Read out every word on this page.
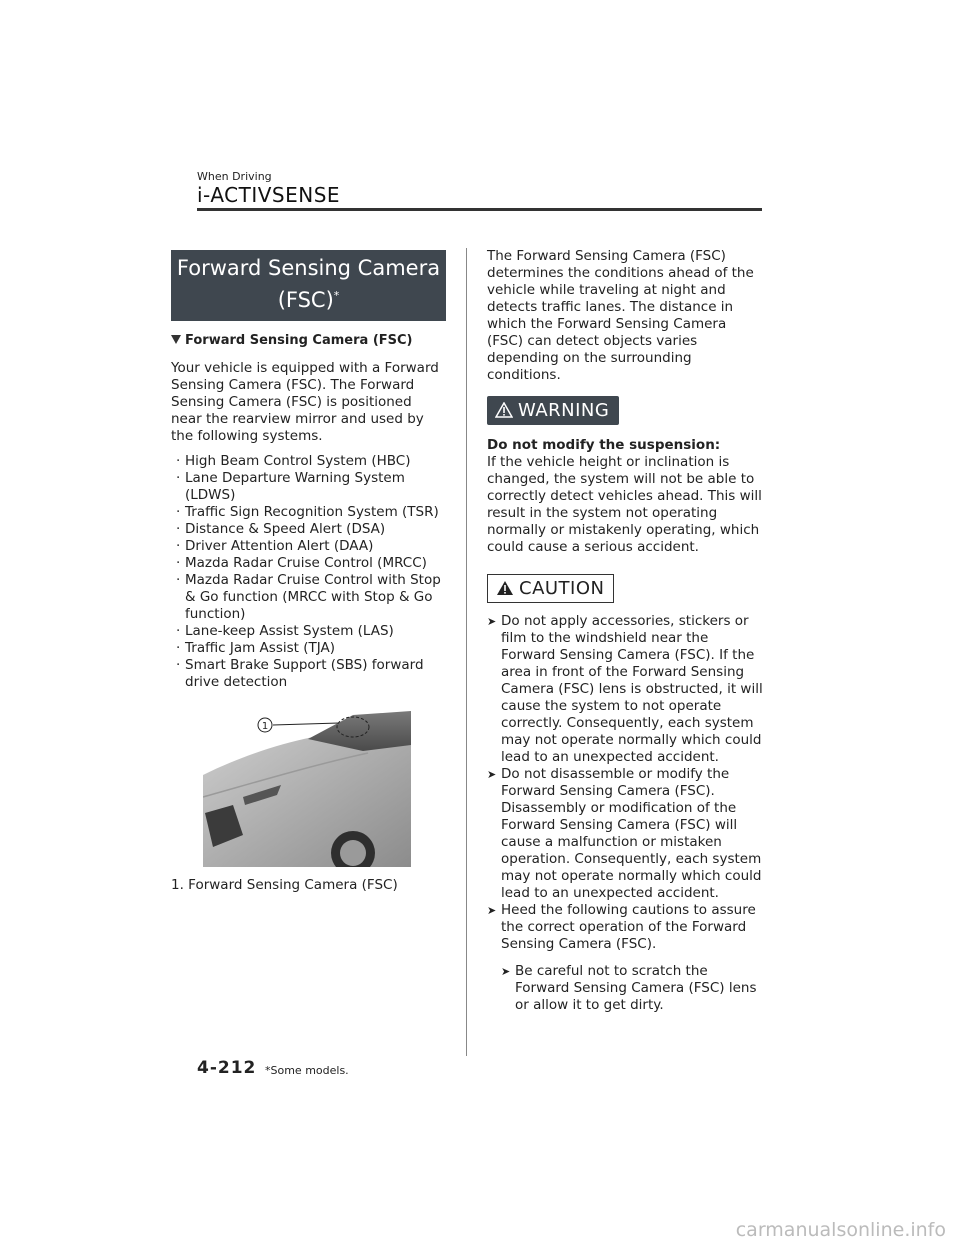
When Driving
i-ACTIVSENSE
Forward Sensing Camera
(FSC)*
Forward Sensing Camera (FSC)

Your vehicle is equipped with a Forward Sensing Camera (FSC). The Forward Sensing Camera (FSC) is positioned near the rearview mirror and used by the following systems.

· High Beam Control System (HBC)
· Lane Departure Warning System (LDWS)
· Traffic Sign Recognition System (TSR)
· Distance & Speed Alert (DSA)
· Driver Attention Alert (DAA)
· Mazda Radar Cruise Control (MRCC)
· Mazda Radar Cruise Control with Stop & Go function (MRCC with Stop & Go function)
· Lane-keep Assist System (LAS)
· Traffic Jam Assist (TJA)
· Smart Brake Support (SBS) forward drive detection
1
1. Forward Sensing Camera (FSC)

The Forward Sensing Camera (FSC) determines the conditions ahead of the vehicle while traveling at night and detects traffic lanes. The distance in which the Forward Sensing Camera (FSC) can detect objects varies depending on the surrounding conditions.

WARNING
Do not modify the suspension:

If the vehicle height or inclination is changed, the system will not be able to correctly detect vehicles ahead. This will result in the system not operating normally or mistakenly operating, which could cause a serious accident.

CAUTION
➤ Do not apply accessories, stickers or film to the windshield near the Forward Sensing Camera (FSC). If the area in front of the Forward Sensing Camera (FSC) lens is obstructed, it will cause the system to not operate correctly. Consequently, each system may not operate normally which could lead to an unexpected accident.
➤ Do not disassemble or modify the Forward Sensing Camera (FSC). Disassembly or modification of the Forward Sensing Camera (FSC) will cause a malfunction or mistaken operation. Consequently, each system may not operate normally which could lead to an unexpected accident.
➤ Heed the following cautions to assure the correct operation of the Forward Sensing Camera (FSC).
➤ Be careful not to scratch the Forward Sensing Camera (FSC) lens or allow it to get dirty.
4-212 *Some models.
carmanualsonline.info
